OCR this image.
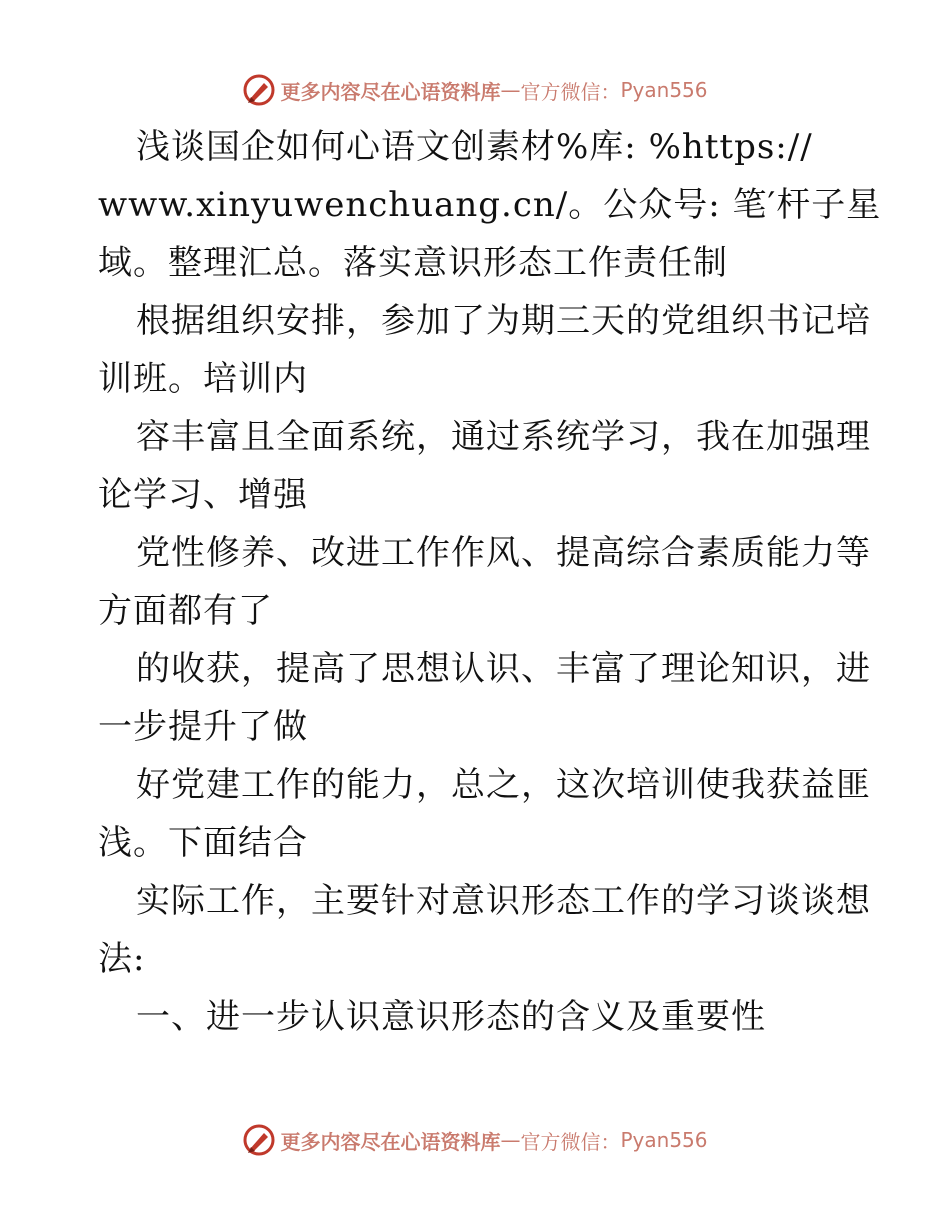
更多内容尽在心语资料库 — 官方微信： Pyan556
浅谈国企如何心语文创素材%库: %https://
www.xinyuwenchuang.cn/。公众号: 笔′杆子星
域。整理汇总。落实意识形态工作责任制
根据组织安排，参加了为期三天的党组织书记培
训班。培训内
容丰富且全面系统，通过系统学习，我在加强理
论学习、增强
党性修养、改进工作作风、提高综合素质能力等
方面都有了
的收获，提高了思想认识、丰富了理论知识，进
一步提升了做
好党建工作的能力，总之，这次培训使我获益匪
浅。下面结合
实际工作，主要针对意识形态工作的学习谈谈想
法:
一、进一步认识意识形态的含义及重要性
更多内容尽在心语资料库 — 官方微信： Pyan556
